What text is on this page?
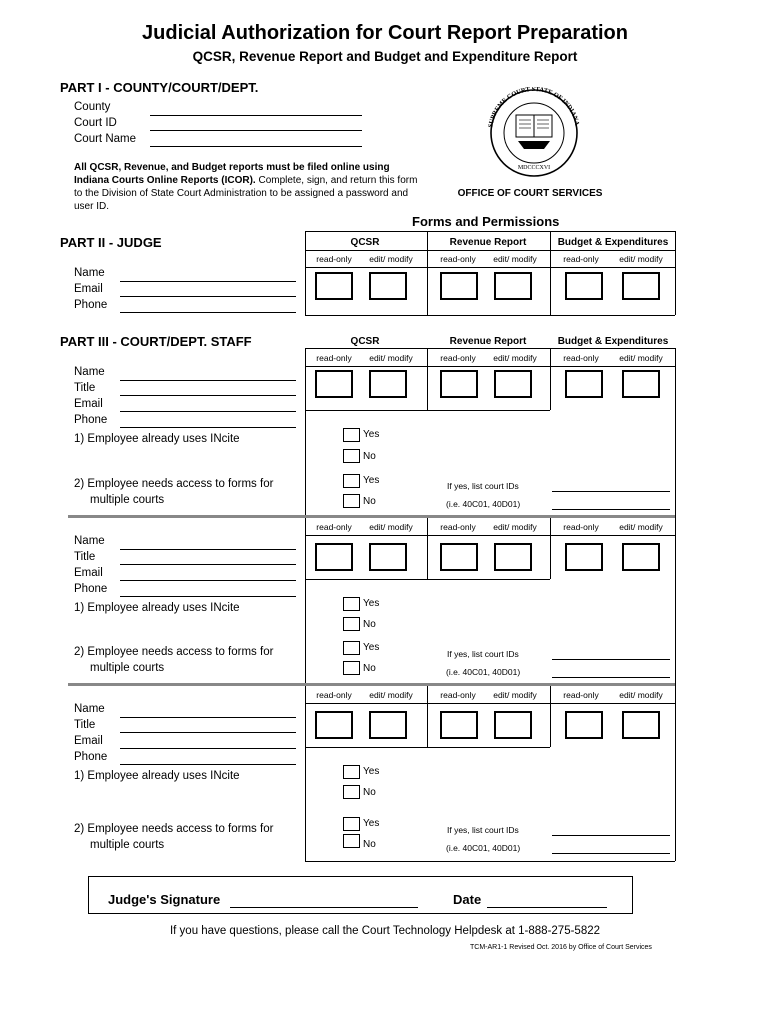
Judicial Authorization for Court Report Preparation
QCSR, Revenue Report and Budget and Expenditure Report
PART I - COUNTY/COURT/DEPT.
County
Court ID
Court Name
All QCSR, Revenue, and Budget reports must be filed online using Indiana Courts Online Reports (ICOR). Complete, sign, and return this form to the Division of State Court Administration to be assigned a password and user ID.
SUPREME COURT STATE OF INDIANA
MDCCCXVI
OFFICE OF COURT SERVICES
Forms and Permissions
PART II - JUDGE	QCSR	Revenue Report	Budget & Expenditures
read-only	edit/ modify	read-only	edit/ modify	read-only	edit/ modify
Name
Email
Phone
PART III - COURT/DEPT. STAFF	QCSR	Revenue Report	Budget & Expenditures
read-only	edit/ modify	read-only	edit/ modify	read-only	edit/ modify
Name
Title
Email
Phone
1) Employee already uses INcite	Yes
No
2) Employee needs access to forms for
multiple courts
Yes
No
If yes, list court IDs
(i.e. 40C01, 40D01)
read-only	edit/ modify	read-only	edit/ modify	read-only	edit/ modify
Name
Title
Email
Phone
1) Employee already uses INcite	Yes
No
2) Employee needs access to forms for
multiple courts
Yes
No
If yes, list court IDs
(i.e. 40C01, 40D01)
read-only	edit/ modify	read-only	edit/ modify	read-only	edit/ modify
Name
Title
Email
Phone
1) Employee already uses INcite	Yes
No
2) Employee needs access to forms for
multiple courts
Yes
No
If yes, list court IDs
(i.e. 40C01, 40D01)
Judge's Signature	Date
If you have questions, please call the Court Technology Helpdesk at 1-888-275-5822
TCM-AR1-1 Revised Oct. 2016 by Office of Court Services
